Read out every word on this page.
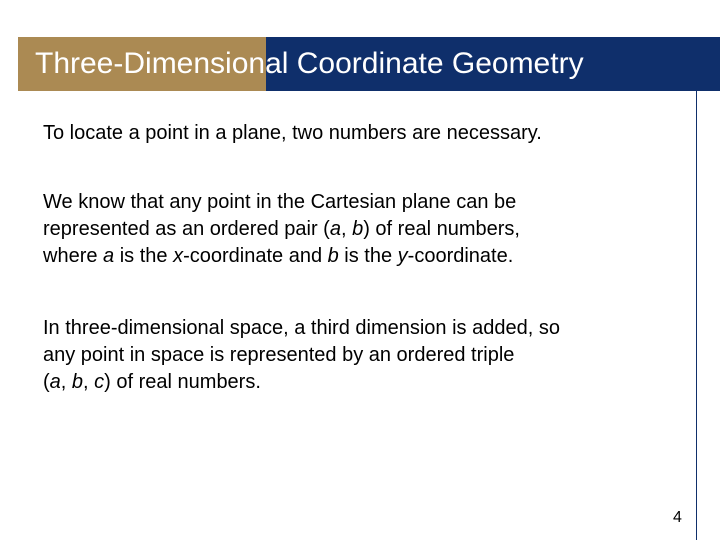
Three-Dimensional Coordinate Geometry

To locate a point in a plane, two numbers are necessary.

We know that any point in the Cartesian plane can be
represented as an ordered pair (a, b) of real numbers,
where a is the x-coordinate and b is the y-coordinate.

In three-dimensional space, a third dimension is added, so
any point in space is represented by an ordered triple
(a, b, c) of real numbers.

4
